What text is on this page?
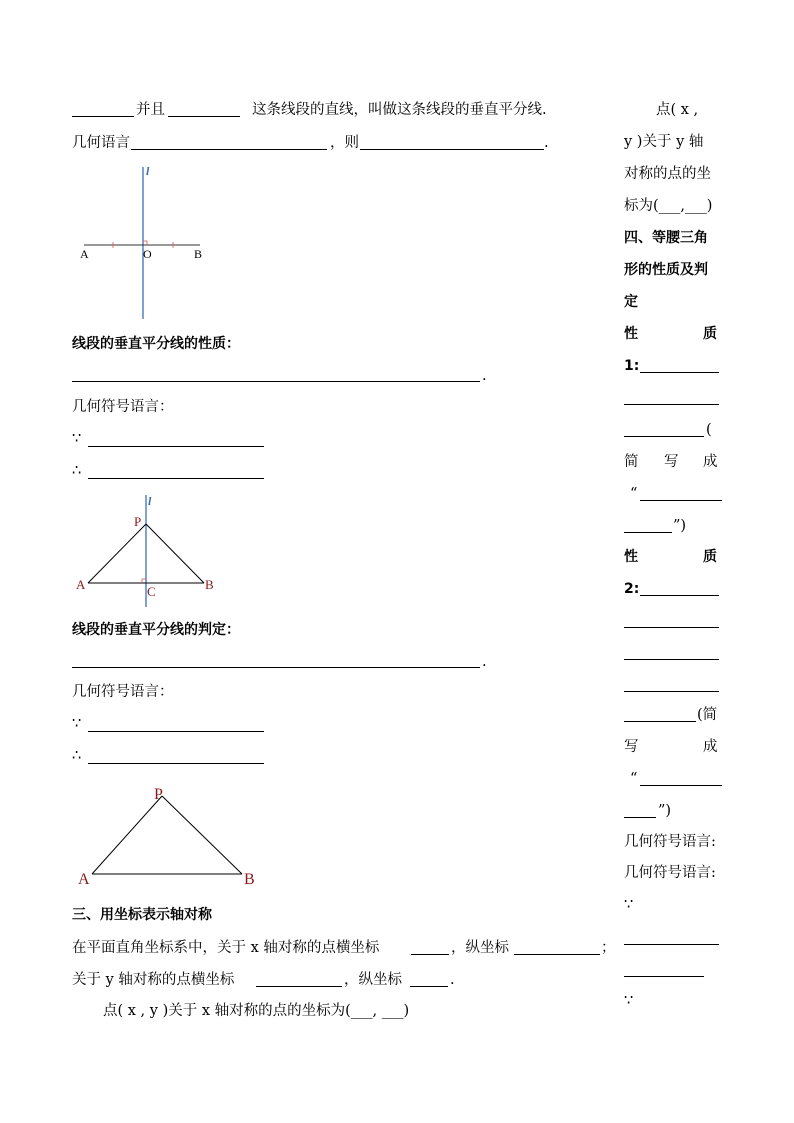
并且	这条线段的直线，叫做这条线段的垂直平分线.
几何语言	，则	.
l
A	O	B
线段的垂直平分线的性质：
.
几何符号语言：
∵
∴
l
P
A	B
C
线段的垂直平分线的判定：
.
几何符号语言：
∵
∴
P
A	B
三、用坐标表示轴对称
在平面直角坐标系中，关于 x 轴对称的点横坐标	，纵坐标	；
关于 y 轴对称的点横坐标	，纵坐标	.
点( x , y )关于 x 轴对称的点的坐标为(___, ___)
点( x ,
y )关于 y 轴
对称的点的坐
标为(___,___)
四、等腰三角
形的性质及判
定
性	质
1:
(
简 写 成
“
”)
性	质
2:
(简
写	成
“
”)
几何符号语言:
几何符号语言:
∵
∵
